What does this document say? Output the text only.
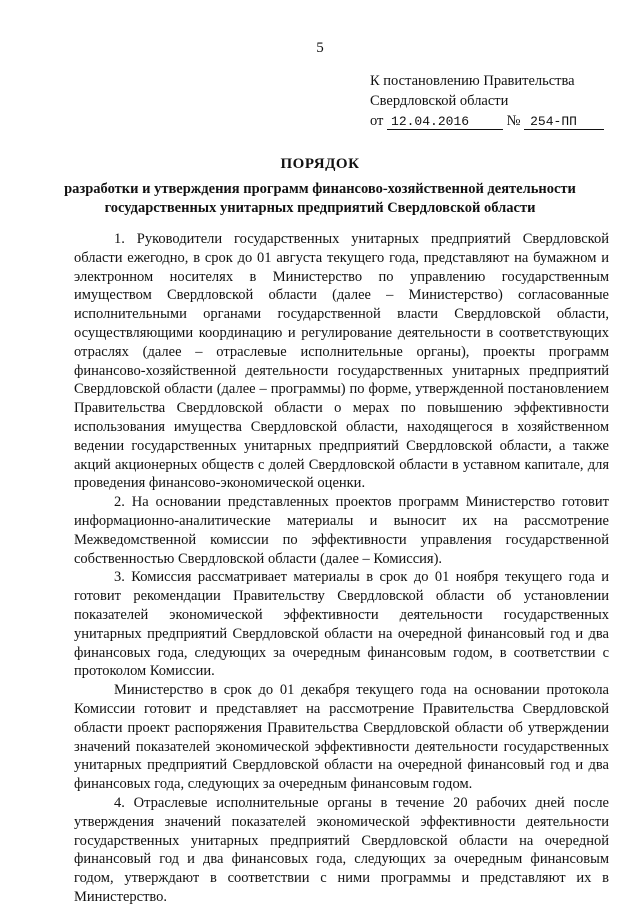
5
К постановлению Правительства
Свердловской области
от 12.04.2016	№ 254-ПП
ПОРЯДОК
разработки и утверждения программ финансово-хозяйственной деятельности государственных унитарных предприятий Свердловской области

1. Руководители государственных унитарных предприятий Свердловской области ежегодно, в срок до 01 августа текущего года, представляют на бумажном и электронном носителях в Министерство по управлению государственным имуществом Свердловской области (далее – Министерство) согласованные исполнительными органами государственной власти Свердловской области, осуществляющими координацию и регулирование деятельности в соответствующих отраслях (далее – отраслевые исполнительные органы), проекты программ финансово-хозяйственной деятельности государственных унитарных предприятий Свердловской области (далее – программы) по форме, утвержденной постановлением Правительства Свердловской области о мерах по повышению эффективности использования имущества Свердловской области, находящегося в хозяйственном ведении государственных унитарных предприятий Свердловской области, а также акций акционерных обществ с долей Свердловской области в уставном капитале, для проведения финансово-экономической оценки.

2. На основании представленных проектов программ Министерство готовит информационно-аналитические материалы и выносит их на рассмотрение Межведомственной комиссии по эффективности управления государственной собственностью Свердловской области (далее – Комиссия).

3. Комиссия рассматривает материалы в срок до 01 ноября текущего года и готовит рекомендации Правительству Свердловской области об установлении показателей экономической эффективности деятельности государственных унитарных предприятий Свердловской области на очередной финансовый год и два финансовых года, следующих за очередным финансовым годом, в соответствии с протоколом Комиссии.

Министерство в срок до 01 декабря текущего года на основании протокола Комиссии готовит и представляет на рассмотрение Правительства Свердловской области проект распоряжения Правительства Свердловской области об утверждении значений показателей экономической эффективности деятельности государственных унитарных предприятий Свердловской области на очередной финансовый год и два финансовых года, следующих за очередным финансовым годом.

4. Отраслевые исполнительные органы в течение 20 рабочих дней после утверждения значений показателей экономической эффективности деятельности государственных унитарных предприятий Свердловской области на очередной финансовый год и два финансовых года, следующих за очередным финансовым годом, утверждают в соответствии с ними программы и представляют их в Министерство.
